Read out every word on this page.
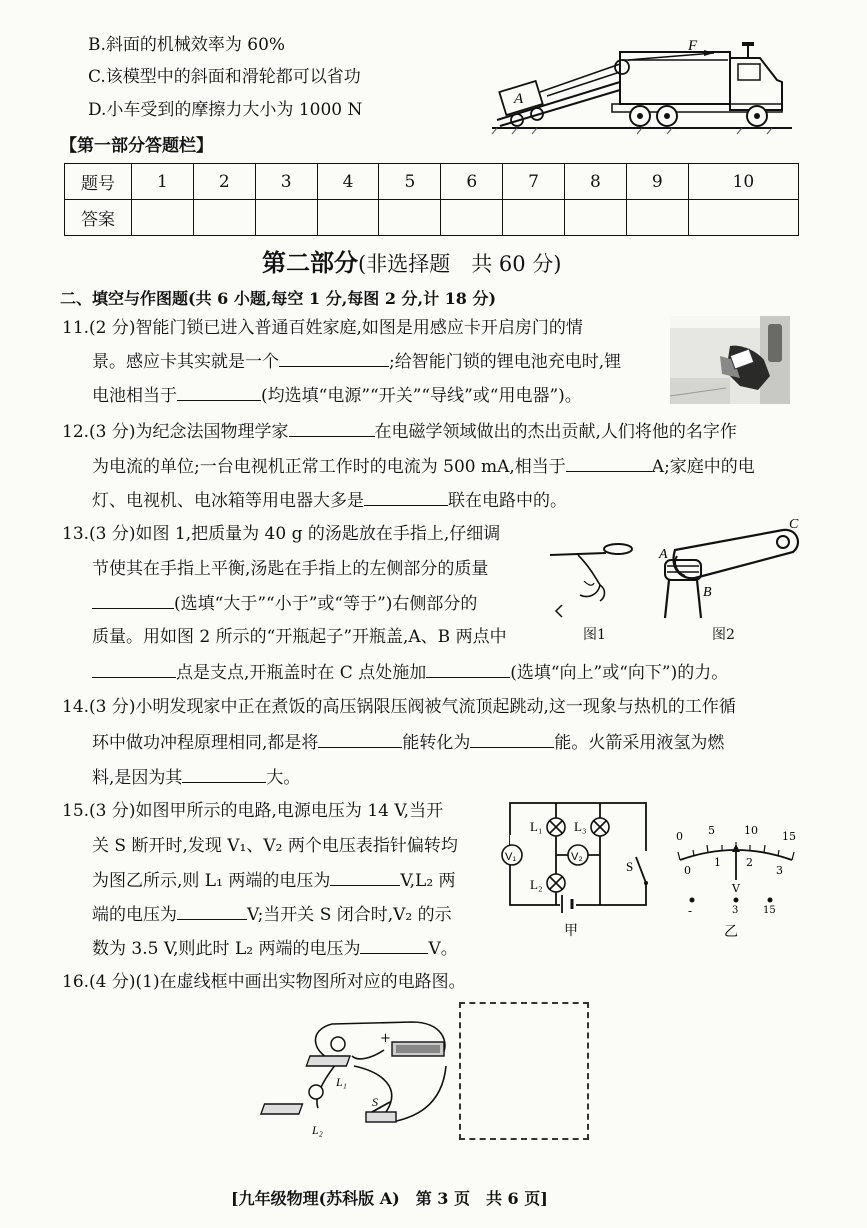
B.斜面的机械效率为 60%
C.该模型中的斜面和滑轮都可以省功
D.小车受到的摩擦力大小为 1000 N
A
F
【第一部分答题栏】
题号	1	2	3	4	5	6	7	8	9	10
答案										
第二部分(非选择题　共 60 分)
二、填空与作图题(共 6 小题,每空 1 分,每图 2 分,计 18 分)
11.(2 分)智能门锁已进入普通百姓家庭,如图是用感应卡开启房门的情
景。感应卡其实就是一个	;给智能门锁的锂电池充电时,锂
电池相当于	(均选填“电源”“开关”“导线”或“用电器”)。
12.(3 分)为纪念法国物理学家	在电磁学领域做出的杰出贡献,人们将他的名字作
为电流的单位;一台电视机正常工作时的电流为 500 mA,相当于	A;家庭中的电
灯、电视机、电冰箱等用电器大多是	联在电路中的。
13.(3 分)如图 1,把质量为 40 g 的汤匙放在手指上,仔细调
节使其在手指上平衡,汤匙在手指上的左侧部分的质量
(选填“大于”“小于”或“等于”)右侧部分的
质量。用如图 2 所示的“开瓶起子”开瓶盖,A、B 两点中
点是支点,开瓶盖时在 C 点处施加	(选填“向上”或“向下”)的力。
图1
A
B
C
图2
14.(3 分)小明发现家中正在煮饭的高压锅限压阀被气流顶起跳动,这一现象与热机的工作循
环中做功冲程原理相同,都是将	能转化为	能。火箭采用液氢为燃
料,是因为其	大。
15.(3 分)如图甲所示的电路,电源电压为 14 V,当开
关 S 断开时,发现 V₁、V₂ 两个电压表指针偏转均
为图乙所示,则 L₁ 两端的电压为	V,L₂ 两
端的电压为	V;当开关 S 闭合时,V₂ 的示
数为 3.5 V,则此时 L₂ 两端的电压为	V。
V₁	V₂
L₁ L₃
L₂
S
甲
0 5	10 15
0
1 2
3
V
-	3 15
乙
16.(4 分)(1)在虚线框中画出实物图所对应的电路图。
+
L₁
L₂
S
[九年级物理(苏科版 A)　第 3 页　共 6 页]
